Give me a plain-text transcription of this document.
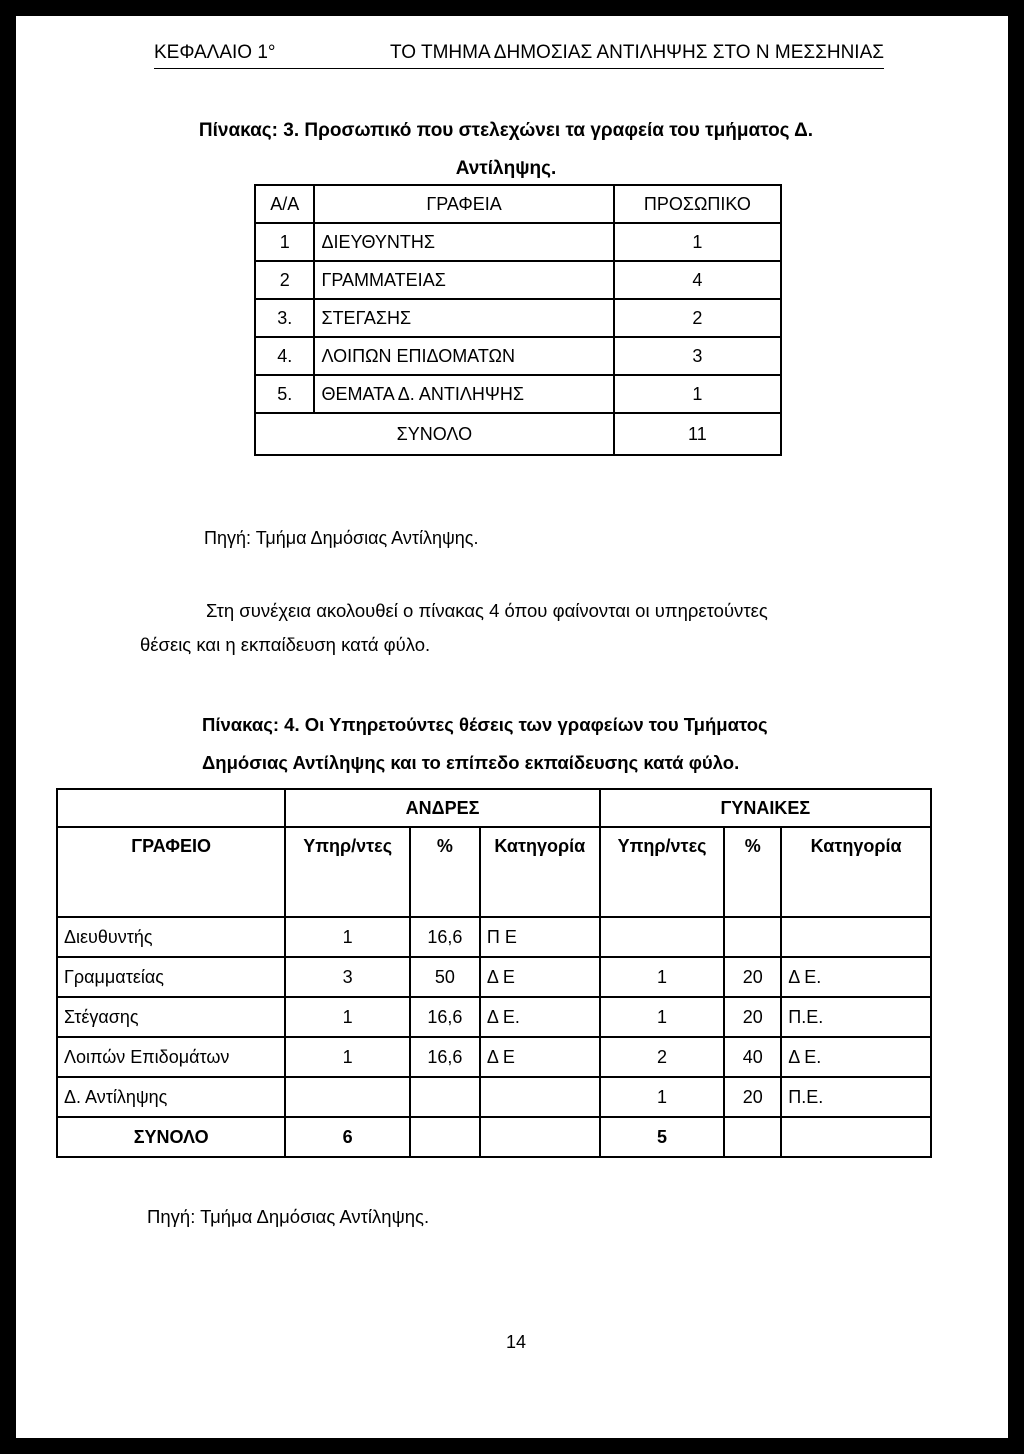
ΚΕΦΑΛΑΙΟ 1°	ΤΟ ΤΜΗΜΑ ΔΗΜΟΣΙΑΣ ΑΝΤΙΛΗΨΗΣ ΣΤΟ Ν ΜΕΣΣΗΝΙΑΣ
Πίνακας: 3. Προσωπικό που στελεχώνει τα γραφεία του τμήματος Δ.
Αντίληψης.
Α/Α	ΓΡΑΦΕΙΑ	ΠΡΟΣΩΠΙΚΟ
1	ΔΙΕΥΘΥΝΤΗΣ	1
2	ΓΡΑΜΜΑΤΕΙΑΣ	4
3.	ΣΤΕΓΑΣΗΣ	2
4.	ΛΟΙΠΩΝ ΕΠΙΔΟΜΑΤΩΝ	3
5.	ΘΕΜΑΤΑ Δ. ΑΝΤΙΛΗΨΗΣ	1
ΣΥΝΟΛΟ		11
Πηγή: Τμήμα Δημόσιας Αντίληψης.
Στη συνέχεια ακολουθεί ο πίνακας 4 όπου φαίνονται οι υπηρετούντες
θέσεις και η εκπαίδευση κατά φύλο.
Πίνακας: 4. Οι Υπηρετούντες θέσεις των γραφείων του Τμήματος
Δημόσιας Αντίληψης και το επίπεδο εκπαίδευσης κατά φύλο.
	ΑΝΔΡΕΣ			ΓΥΝΑΙΚΕΣ		
ΓΡΑΦΕΙΟ	Υπηρ/ντες	%	Κατηγορία	Υπηρ/ντες	%	Κατηγορία
Διευθυντής	1	16,6	Π Ε			
Γραμματείας	3	50	Δ Ε	1	20	Δ Ε.
Στέγασης	1	16,6	Δ Ε.	1	20	Π.Ε.
Λοιπών Επιδομάτων	1	16,6	Δ Ε	2	40	Δ Ε.
Δ. Αντίληψης				1	20	Π.Ε.
ΣΥΝΟΛΟ	6			5		
Πηγή: Τμήμα Δημόσιας Αντίληψης.
14
